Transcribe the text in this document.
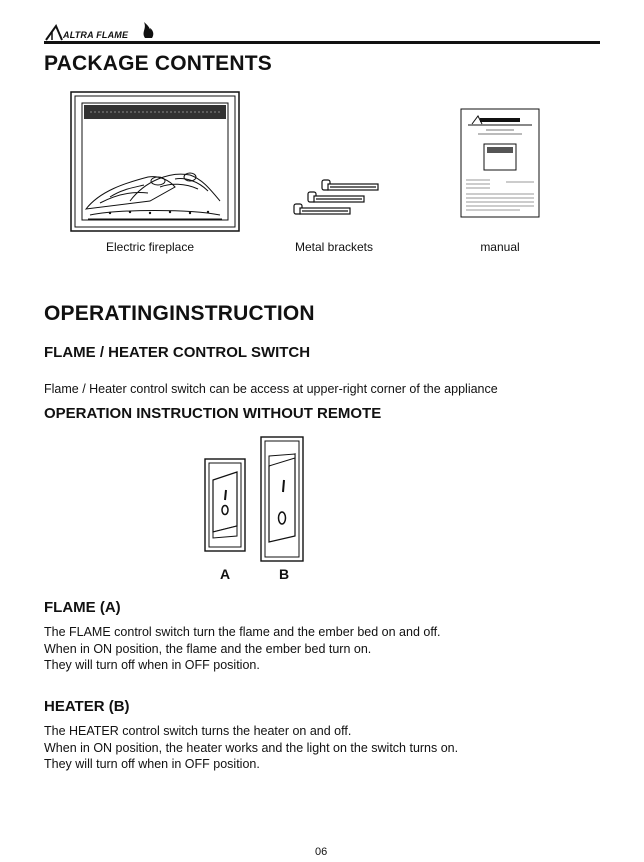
ALTRA FLAME
PACKAGE CONTENTS
Electric fireplace	Metal brackets	manual
OPERATINGINSTRUCTION
FLAME / HEATER CONTROL SWITCH
Flame / Heater control switch can be access at upper-right corner of the appliance
OPERATION INSTRUCTION WITHOUT REMOTE
A	B
FLAME (A)
The FLAME control switch turn the flame and the ember bed on and off.
When in ON position, the flame and the ember bed turn on.
They will turn off when in OFF position.
HEATER (B)
The HEATER control switch turns the heater on and off.
When in ON position, the heater works and the light on the switch turns on.
They will turn off when in OFF position.
06
